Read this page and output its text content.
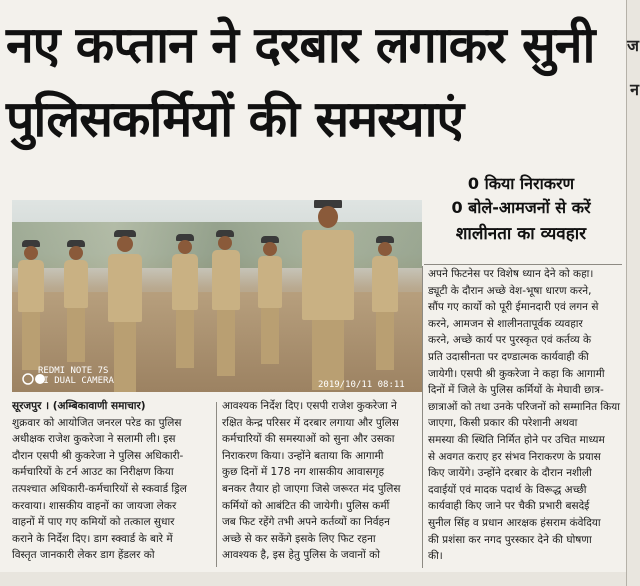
नए कप्तान ने दरबार लगाकर सुनी
पुलिसकर्मियों की समस्याएं
ज
न
REDMI NOTE 7S
AI DUAL CAMERA	2019/10/11 08:11
0 किया निराकरण
0 बोले-आमजनों से करें
शालीनता का व्यवहार

सूरजपुर । (अम्बिकावाणी समाचार)

शुक्रवार को आयोजित जनरल परेड का पुलिस

अधीक्षक राजेश कुकरेजा ने सलामी ली। इस

दौरान एसपी श्री कुकरेजा ने पुलिस अधिकारी-

कर्मचारियों के टर्न आउट का निरीक्षण किया

तत्पश्चात अधिकारी-कर्मचारियों से स्कवार्ड ड्रिल

करवाया। शासकीय वाहनों का जायजा लेकर

वाहनों में पाए गए कमियों को तत्काल सुधार

कराने के निर्देश दिए। डाग स्क्वार्ड के बारे में

विस्तृत जानकारी लेकर डाग हेंडलर को

आवश्यक निर्देश दिए। एसपी राजेश कुकरेजा ने

रक्षित केन्द्र परिसर में दरबार लगाया और पुलिस

कर्मचारियों की समस्याओं को सुना और उसका

निराकरण किया। उन्होंने बताया कि आगामी

कुछ दिनों में 178 नग शासकीय आवासगृह

बनकर तैयार हो जाएगा जिसे जरूरत मंद पुलिस

कर्मियों को आबंटित की जायेगी। पुलिस कर्मी

जब फिट रहेंगे तभी अपने कर्तव्यों का निर्वहन

अच्छे से कर सकेंगे इसके लिए फिट रहना

आवश्यक है, इस हेतु पुलिस के जवानों को

अपने फिटनेस पर विशेष ध्यान देने को कहा।

ड्यूटी के दौरान अच्छे वेश-भूषा धारण करने,

सौंप गए कार्यो को पूरी ईमानदारी एवं लगन से

करने, आमजन से शालीनतापूर्वक व्यवहार

करने, अच्छे कार्य पर पुरस्कृत एवं कर्तव्य के

प्रति उदासीनता पर दण्डात्मक कार्यवाही की

जायेगी। एसपी श्री कुकरेजा ने कहा कि आगामी

दिनों में जिले के पुलिस कर्मियों के मेघावी छात्र-

छात्राओं को तथा उनके परिजनों को सम्मानित किया

जाएगा, किसी प्रकार की परेशानी अथवा

समस्या की स्थिति निर्मित होने पर उचित माध्यम

से अवगत कराए हर संभव निराकरण के प्रयास

किए जायेंगे। उन्होंने दरबार के दौरान नशीली

दवाईयों एवं मादक पदार्थ के विरूद्ध अच्छी

कार्यवाही किए जाने पर चैकी प्रभारी बसदेई

सुनील सिंह व प्रधान आरक्षक हंसराम कंवेदिया

की प्रशंसा कर नगद पुरस्कार देने की घोषणा

की।
